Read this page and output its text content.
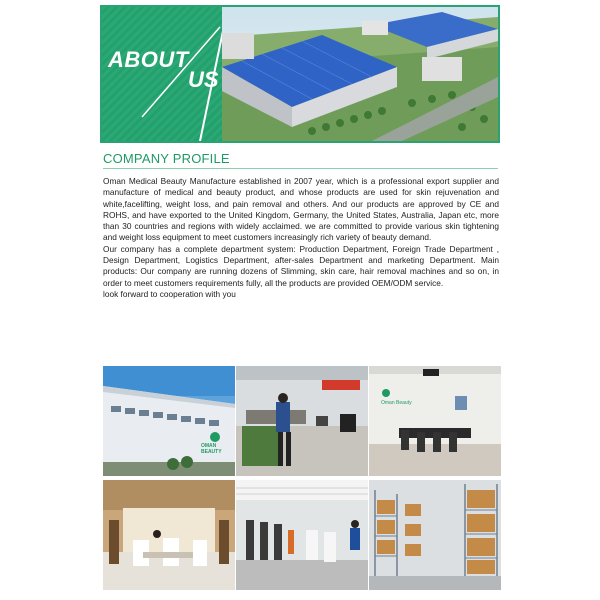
ABOUT
US
COMPANY PROFILE

Oman Medical Beauty Manufacture established in 2007 year, which is a professional export supplier and manufacture of medical and beauty product, and whose products are used for skin rejuvenation and white,facelifting, weight loss, and pain removal and others. And our products are approved by CE and ROHS, and have exported to the United Kingdom, Germany, the United States, Australia, Japan etc, more than 30 countries and regions with widely acclaimed. we are committed to provide various skin tightening and weight loss equipment to meet customers increasingly rich variety of beauty demand.

Our company has a complete department system: Production Department, Foreign Trade Department , Design Department, Logistics Department, after-sales Department and marketing Department. Main products: Our company are running dozens of Slimming, skin care, hair removal machines and so on, in order to meet customers requirements fully, all the products are provided OEM/ODM service.

look forward to cooperation with you

OMAN BEAUTY
Oman Beauty
